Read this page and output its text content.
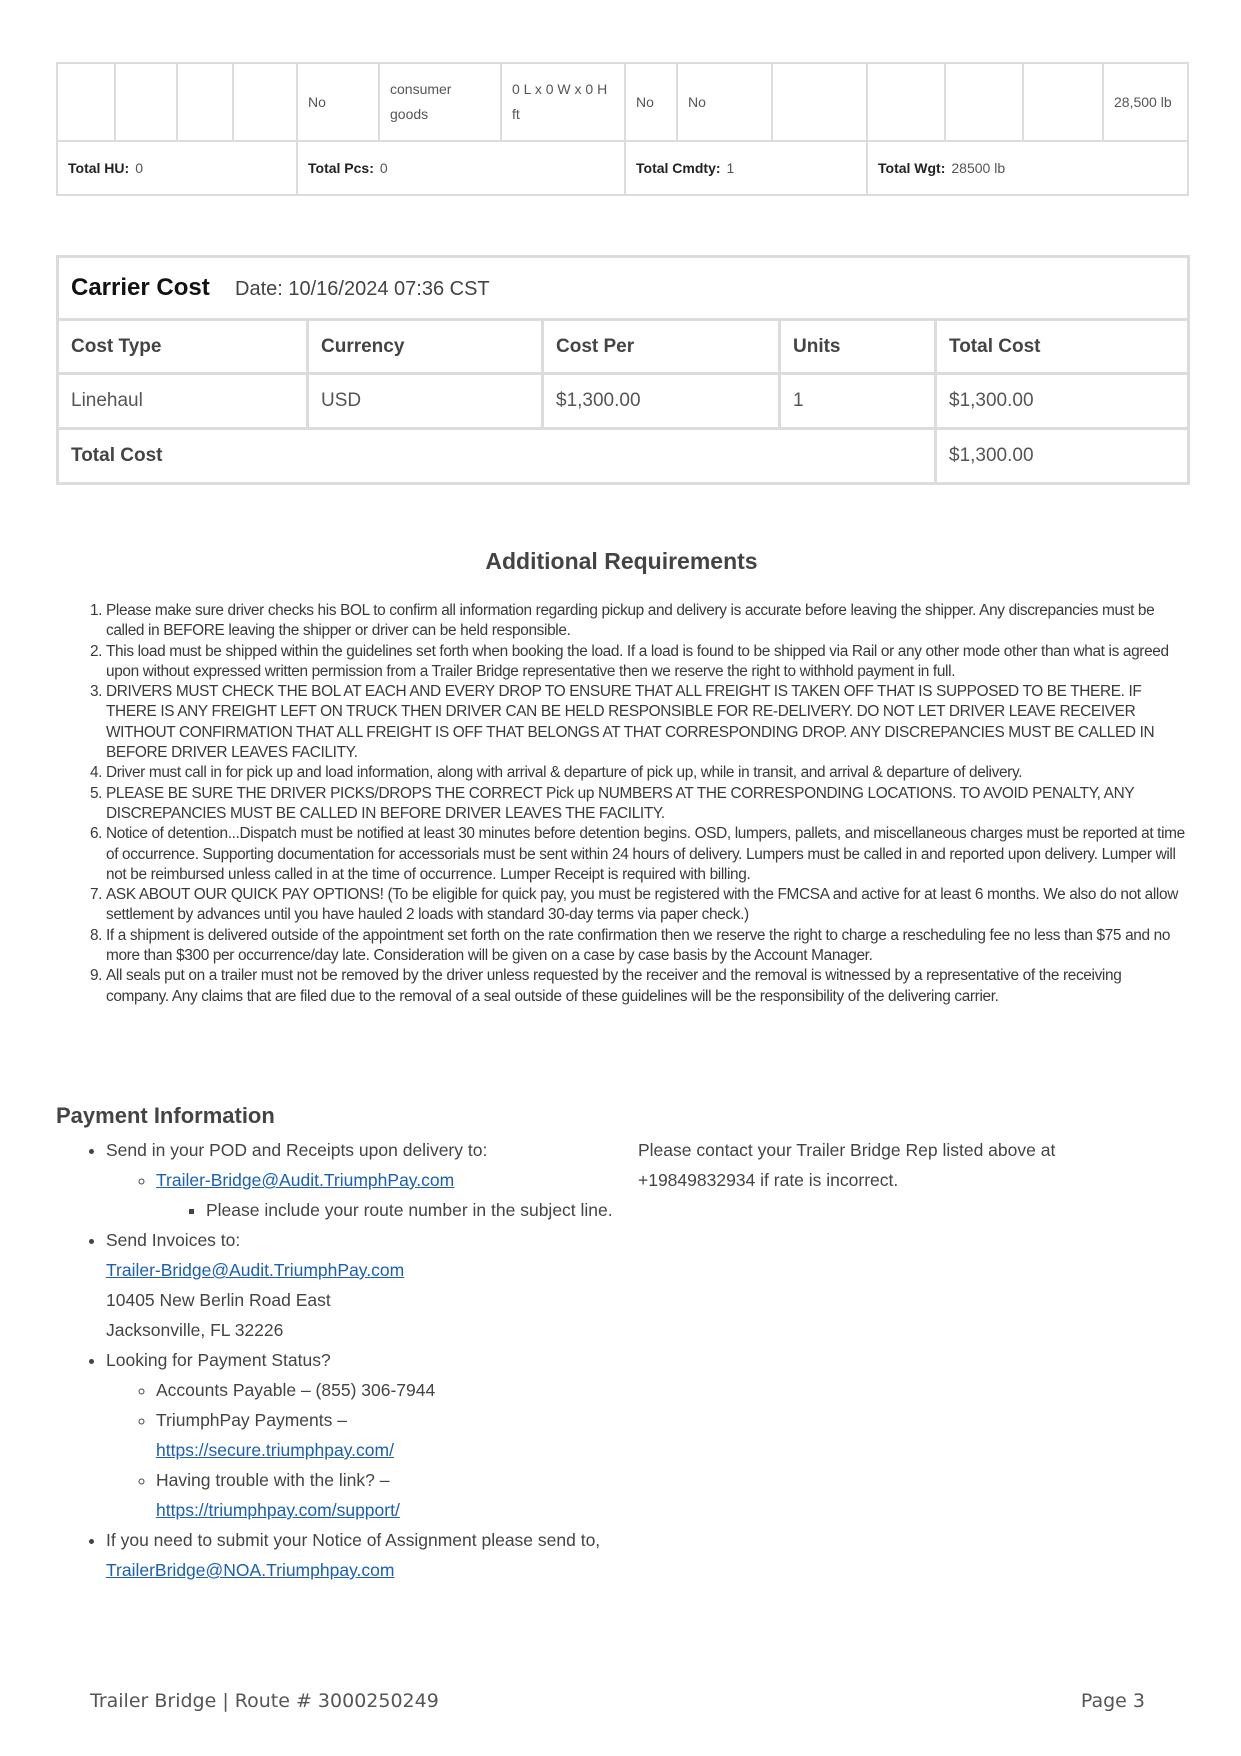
				No	consumer goods	0 L x 0 W x 0 H ft	No	No					28,500 lb
Total HU: 0				Total Pcs: 0			Total Cmdty: 1			Total Wgt: 28500 lb			
Carrier Cost Date: 10/16/2024 07:36 CST				
Cost Type	Currency	Cost Per	Units	Total Cost
Linehaul	USD	$1,300.00	1	$1,300.00
Total Cost				$1,300.00
Additional Requirements
1. Please make sure driver checks his BOL to confirm all information regarding pickup and delivery is accurate before leaving the shipper. Any discrepancies must be called in BEFORE leaving the shipper or driver can be held responsible.
2. This load must be shipped within the guidelines set forth when booking the load. If a load is found to be shipped via Rail or any other mode other than what is agreed upon without expressed written permission from a Trailer Bridge representative then we reserve the right to withhold payment in full.
3. DRIVERS MUST CHECK THE BOL AT EACH AND EVERY DROP TO ENSURE THAT ALL FREIGHT IS TAKEN OFF THAT IS SUPPOSED TO BE THERE. IF THERE IS ANY FREIGHT LEFT ON TRUCK THEN DRIVER CAN BE HELD RESPONSIBLE FOR RE-DELIVERY. DO NOT LET DRIVER LEAVE RECEIVER WITHOUT CONFIRMATION THAT ALL FREIGHT IS OFF THAT BELONGS AT THAT CORRESPONDING DROP. ANY DISCREPANCIES MUST BE CALLED IN BEFORE DRIVER LEAVES FACILITY.
4. Driver must call in for pick up and load information, along with arrival & departure of pick up, while in transit, and arrival & departure of delivery.
5. PLEASE BE SURE THE DRIVER PICKS/DROPS THE CORRECT Pick up NUMBERS AT THE CORRESPONDING LOCATIONS. TO AVOID PENALTY, ANY DISCREPANCIES MUST BE CALLED IN BEFORE DRIVER LEAVES THE FACILITY.
6. Notice of detention...Dispatch must be notified at least 30 minutes before detention begins. OSD, lumpers, pallets, and miscellaneous charges must be reported at time of occurrence. Supporting documentation for accessorials must be sent within 24 hours of delivery. Lumpers must be called in and reported upon delivery. Lumper will not be reimbursed unless called in at the time of occurrence. Lumper Receipt is required with billing.
7. ASK ABOUT OUR QUICK PAY OPTIONS! (To be eligible for quick pay, you must be registered with the FMCSA and active for at least 6 months. We also do not allow settlement by advances until you have hauled 2 loads with standard 30-day terms via paper check.)
8. If a shipment is delivered outside of the appointment set forth on the rate confirmation then we reserve the right to charge a rescheduling fee no less than $75 and no more than $300 per occurrence/day late. Consideration will be given on a case by case basis by the Account Manager.
9. All seals put on a trailer must not be removed by the driver unless requested by the receiver and the removal is witnessed by a representative of the receiving company. Any claims that are filed due to the removal of a seal outside of these guidelines will be the responsibility of the delivering carrier.
Payment Information
• Send in your POD and Receipts upon delivery to:
◦ Trailer-Bridge@Audit.TriumphPay.com
▪ Please include your route number in the subject line.
• Send Invoices to:
Trailer-Bridge@Audit.TriumphPay.com
10405 New Berlin Road East
Jacksonville, FL 32226
• Looking for Payment Status?
◦ Accounts Payable – (855) 306-7944
◦ TriumphPay Payments –
https://secure.triumphpay.com/
◦ Having trouble with the link? –
https://triumphpay.com/support/
• If you need to submit your Notice of Assignment please send to, TrailerBridge@NOA.Triumphpay.com
Please contact your Trailer Bridge Rep listed above at +19849832934 if rate is incorrect.
Trailer Bridge | Route # 3000250249	Page 3
